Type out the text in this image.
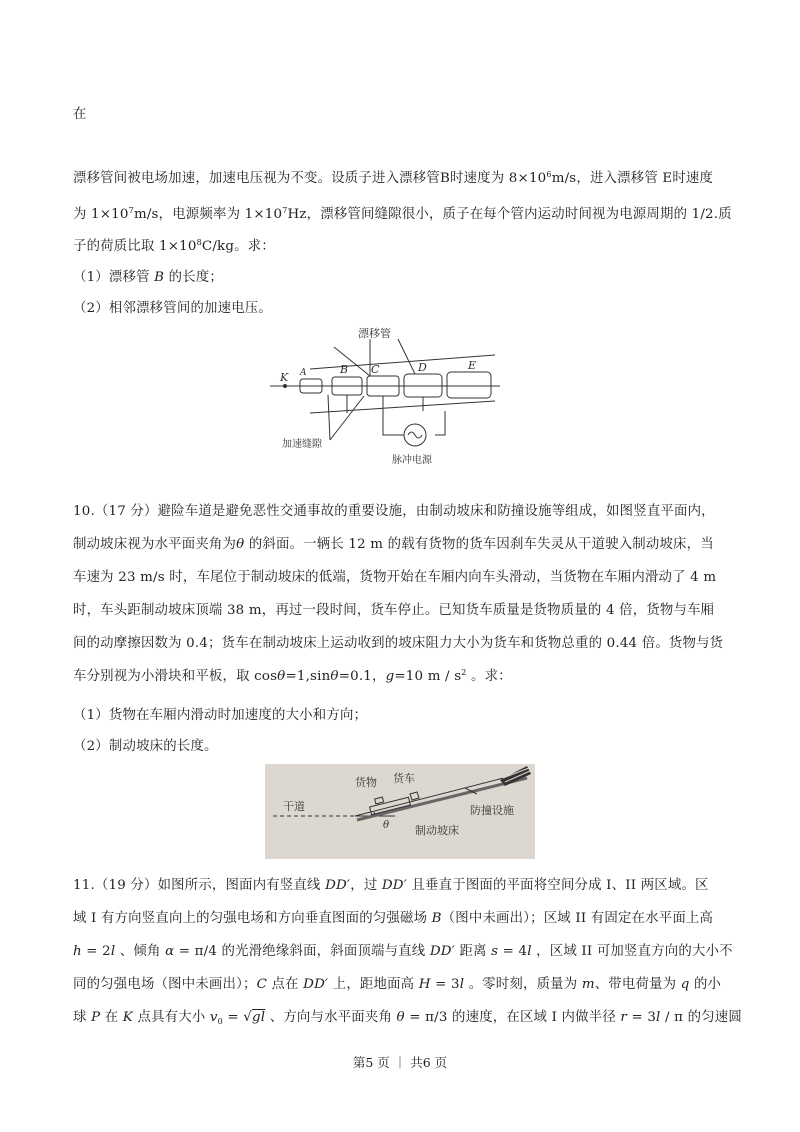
在
漂移管间被电场加速，加速电压视为不变。设质子进入漂移管B时速度为 $8\times 10^6m/s$，进入漂移管 E时速度
为 $1\times 10^7m/s$，电源频率为 $1\times 10^7Hz$，漂移管间缝隙很小，质子在每个管内运动时间视为电源周期的 1/2.质
子的荷质比取 $1\times 10^8C/kg$。求：
（1）漂移管 B 的长度；
（2）相邻漂移管间的加速电压。
漂移管
K A	B C	D	E
加速缝隙
脉冲电源
10.（17 分）避险车道是避免恶性交通事故的重要设施，由制动坡床和防撞设施等组成，如图竖直平面内，
制动坡床视为水平面夹角为θ 的斜面。一辆长 12 m 的载有货物的货车因刹车失灵从干道驶入制动坡床，当
车速为 23 m/s 时，车尾位于制动坡床的低端，货物开始在车厢内向车头滑动，当货物在车厢内滑动了 4 m
时，车头距制动坡床顶端 38 m，再过一段时间，货车停止。已知货车质量是货物质量的 4 倍，货物与车厢
间的动摩擦因数为 0.4；货车在制动坡床上运动收到的坡床阻力大小为货车和货物总重的 0.44 倍。货物与货
车分别视为小滑块和平板，取 cosθ=1,sinθ=0.1，g=10 m / $s^2$ 。求：
（1）货物在车厢内滑动时加速度的大小和方向；
（2）制动坡床的长度。
干道
货物 货车
防撞设施
制动坡床
θ
11.（19 分）如图所示，图面内有竖直线 DD′，过 DD′ 且垂直于图面的平面将空间分成 I、II 两区域。区
域 I 有方向竖直向上的匀强电场和方向垂直图面的匀强磁场 B（图中未画出）；区域 II 有固定在水平面上高
h = 2l 、倾角 α = π/4 的光滑绝缘斜面，斜面顶端与直线 DD′ 距离 s = 4l ，区域 II 可加竖直方向的大小不
同的匀强电场（图中未画出）；C 点在 DD′ 上，距地面高 H = 3l 。零时刻，质量为 m、带电荷量为 q 的小
球 P 在 K 点具有大小 $v_0 = √gl$ 、方向与水平面夹角 θ = π/3 的速度，在区域 I 内做半径 r = 3l / π 的匀速圆
第5 页 ｜ 共6 页
